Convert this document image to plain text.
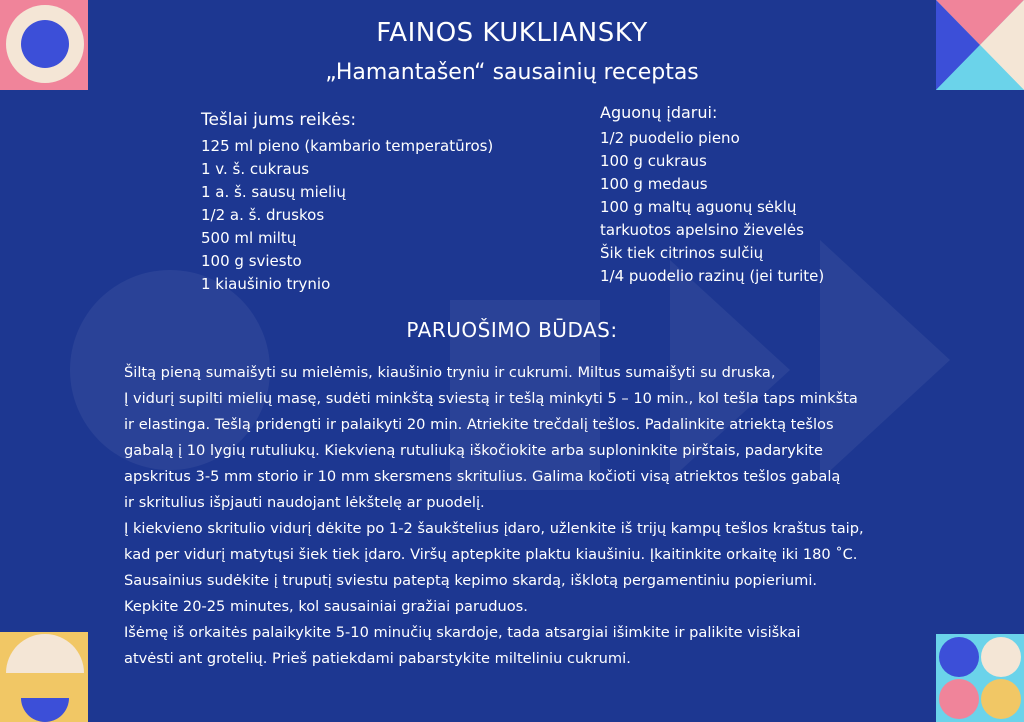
FAINOS KUKLIANSKY
„Hamantašen“ sausainių receptas
Tešlai jums reikės:
125 ml pieno (kambario temperatūros)
1 v. š. cukraus
1 a. š. sausų mielių
1/2 a. š. druskos
500 ml miltų
100 g sviesto
1 kiaušinio trynio
Aguonų įdarui:
1/2 puodelio pieno
100 g cukraus
100 g medaus
100 g maltų aguonų sėklų
tarkuotos apelsino žievelės
Šik tiek citrinos sulčių
1/4 puodelio razinų (jei turite)
PARUOŠIMO BŪDAS:
Šiltą pieną sumaišyti su mielėmis, kiaušinio tryniu ir cukrumi. Miltus sumaišyti su druska,
Į vidurį supilti mielių masę, sudėti minkštą sviestą ir tešlą minkyti 5 – 10 min., kol tešla taps minkšta
ir elastinga. Tešlą pridengti ir palaikyti 20 min. Atriekite trečdalį tešlos. Padalinkite atriektą tešlos
gabalą į 10 lygių rutuliukų. Kiekvieną rutuliuką iškočiokite arba suploninkite pirštais, padarykite
apskritus 3-5 mm storio ir 10 mm skersmens skritulius. Galima kočioti visą atriektos tešlos gabalą
ir skritulius išpjauti naudojant lėkštelę ar puodelį.
Į kiekvieno skritulio vidurį dėkite po 1-2 šaukštelius įdaro, užlenkite iš trijų kampų tešlos kraštus taip,
kad per vidurį matytųsi šiek tiek įdaro. Viršų aptepkite plaktu kiaušiniu. Įkaitinkite orkaitę iki 180 ˚C.
Sausainius sudėkite į truputį sviestu pateptą kepimo skardą, išklotą pergamentiniu popieriumi.
Kepkite 20-25 minutes, kol sausainiai gražiai paruduos.
Išėmę iš orkaitės palaikykite 5-10 minučių skardoje, tada atsargiai išimkite ir palikite visiškai
atvėsti ant grotelių. Prieš patiekdami pabarstykite milteliniu cukrumi.
